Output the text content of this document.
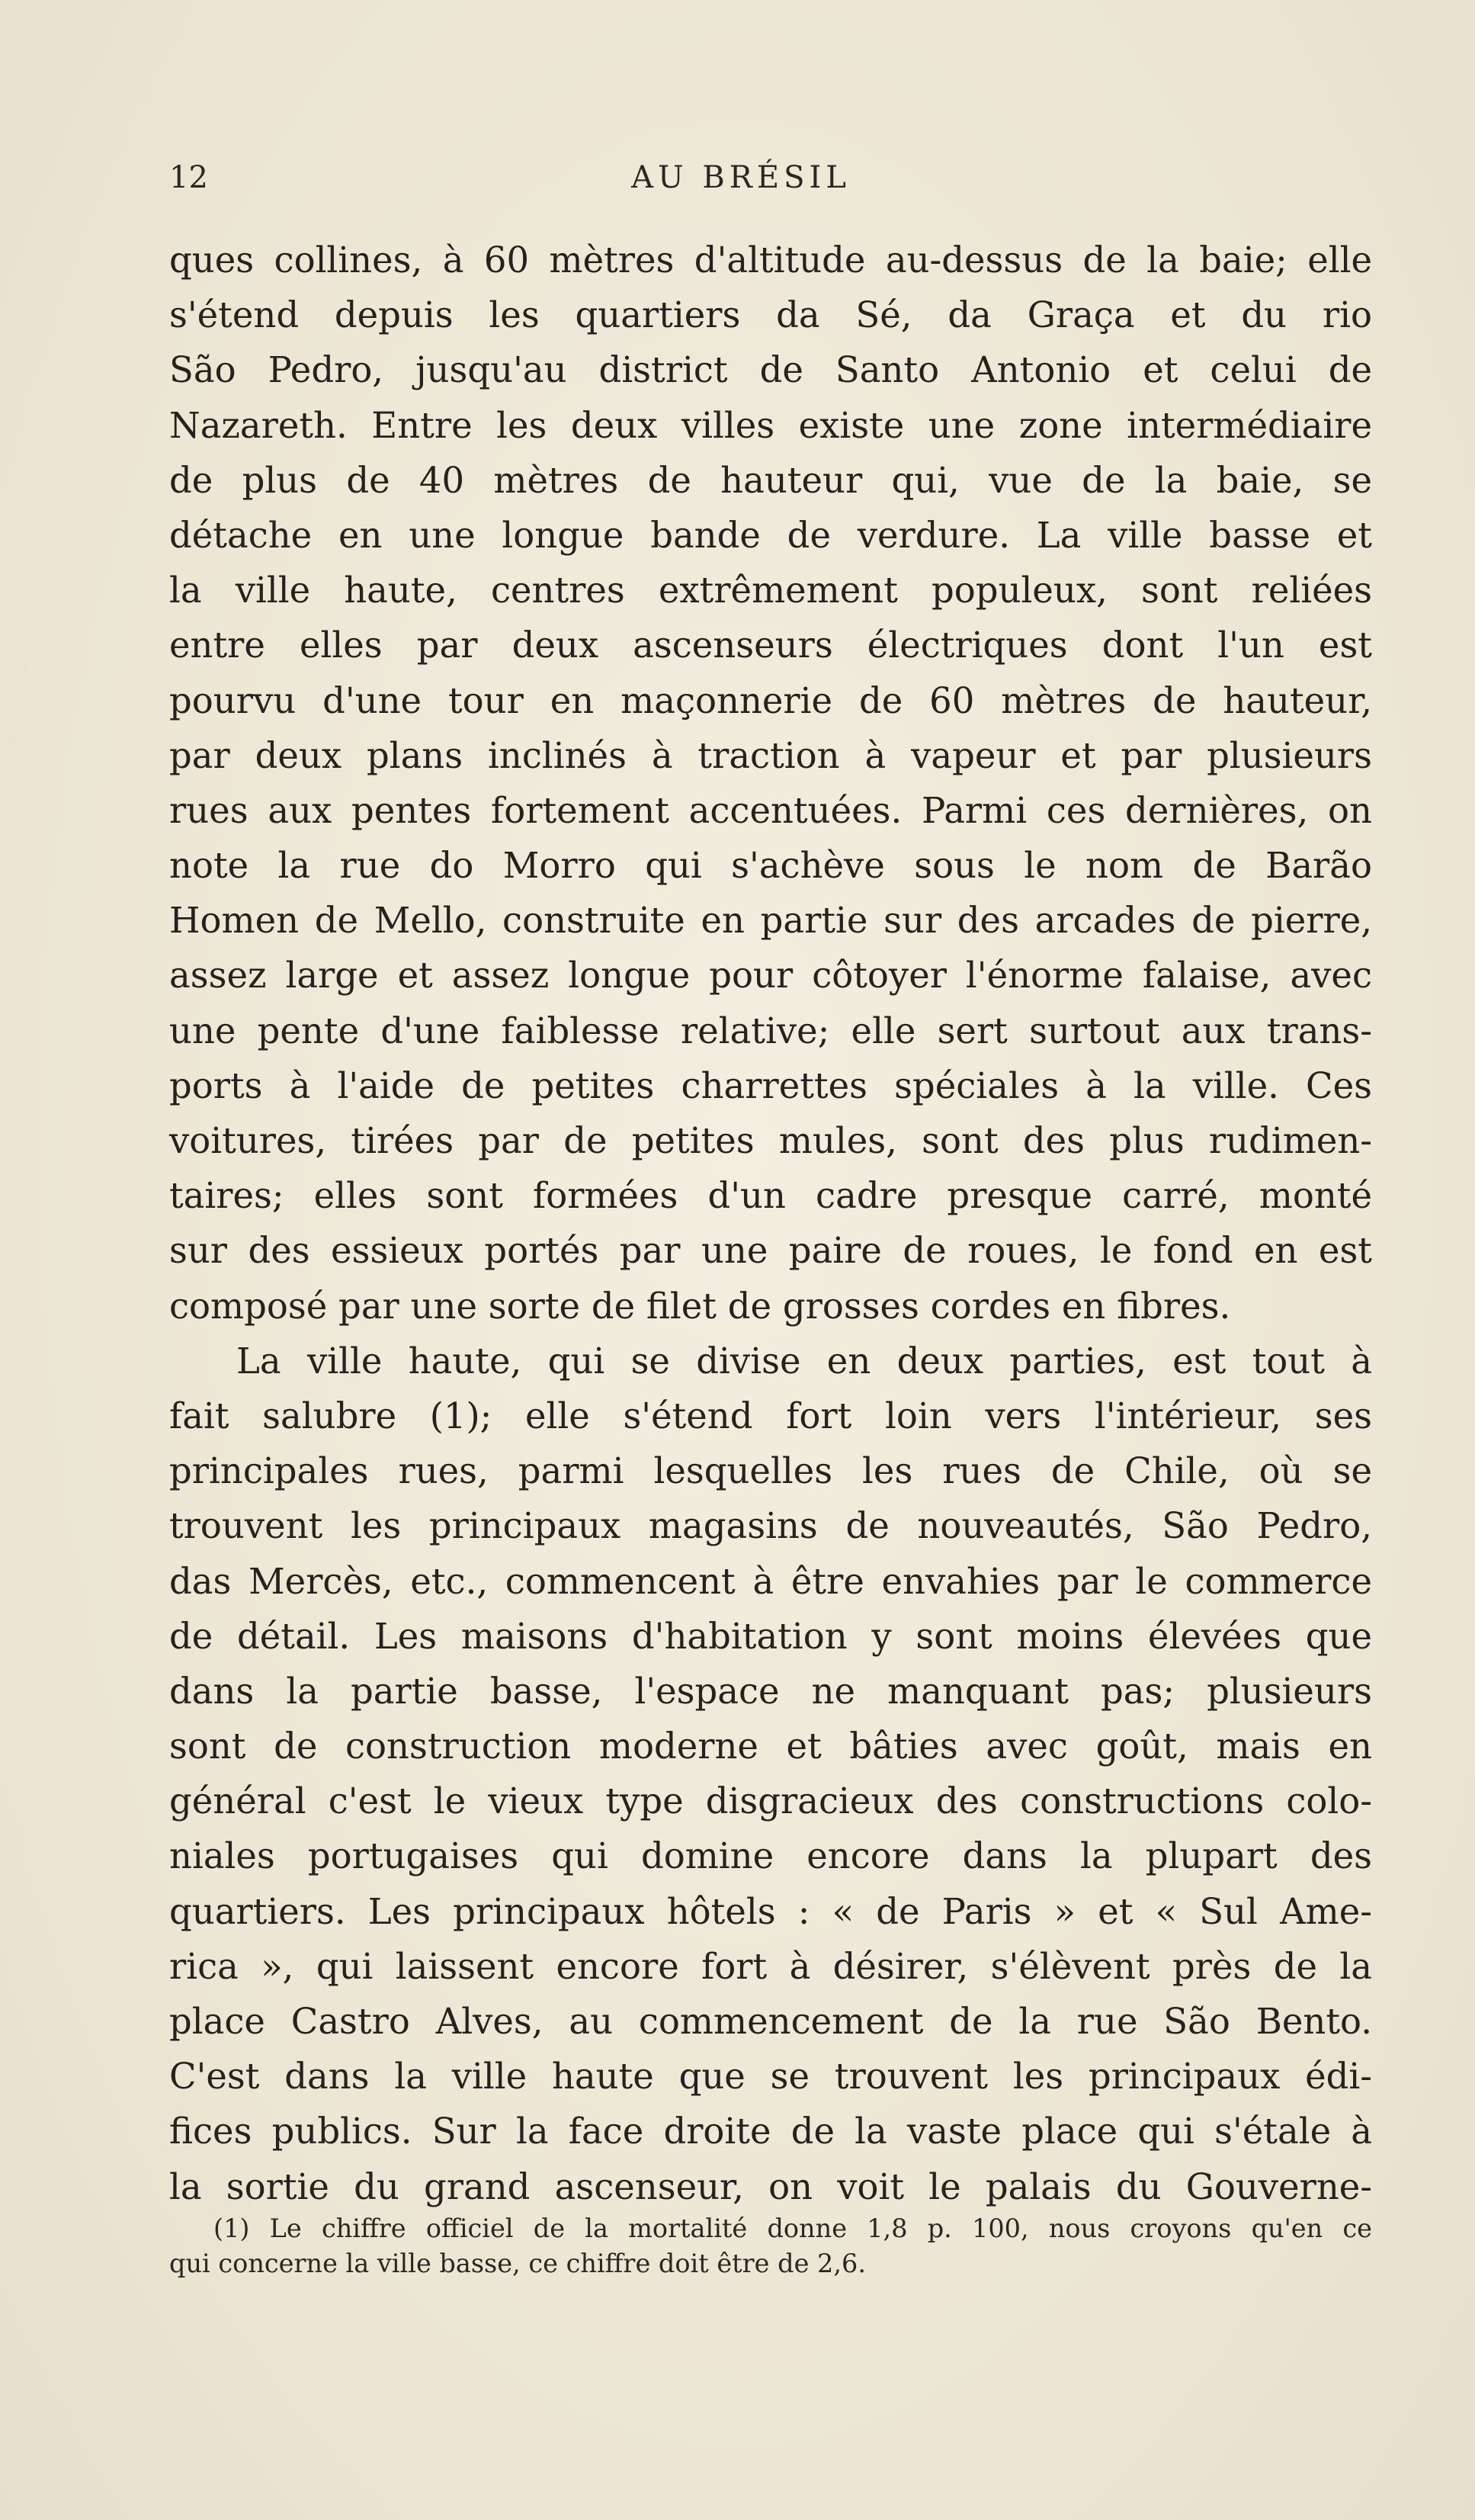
12	AU BRÉSIL
ques collines, à 60 mètres d'altitude au-dessus de la baie; elle
s'étend depuis les quartiers da Sé, da Graça et du rio
São Pedro, jusqu'au district de Santo Antonio et celui de
Nazareth. Entre les deux villes existe une zone intermédiaire
de plus de 40 mètres de hauteur qui, vue de la baie, se
détache en une longue bande de verdure. La ville basse et
la ville haute, centres extrêmement populeux, sont reliées
entre elles par deux ascenseurs électriques dont l'un est
pourvu d'une tour en maçonnerie de 60 mètres de hauteur,
par deux plans inclinés à traction à vapeur et par plusieurs
rues aux pentes fortement accentuées. Parmi ces dernières, on
note la rue do Morro qui s'achève sous le nom de Barão
Homen de Mello, construite en partie sur des arcades de pierre,
assez large et assez longue pour côtoyer l'énorme falaise, avec
une pente d'une faiblesse relative; elle sert surtout aux trans-
ports à l'aide de petites charrettes spéciales à la ville. Ces
voitures, tirées par de petites mules, sont des plus rudimen-
taires; elles sont formées d'un cadre presque carré, monté
sur des essieux portés par une paire de roues, le fond en est
composé par une sorte de filet de grosses cordes en fibres.
La ville haute, qui se divise en deux parties, est tout à
fait salubre (1); elle s'étend fort loin vers l'intérieur, ses
principales rues, parmi lesquelles les rues de Chile, où se
trouvent les principaux magasins de nouveautés, São Pedro,
das Mercès, etc., commencent à être envahies par le commerce
de détail. Les maisons d'habitation y sont moins élevées que
dans la partie basse, l'espace ne manquant pas; plusieurs
sont de construction moderne et bâties avec goût, mais en
général c'est le vieux type disgracieux des constructions colo-
niales portugaises qui domine encore dans la plupart des
quartiers. Les principaux hôtels : « de Paris » et « Sul Ame-
rica », qui laissent encore fort à désirer, s'élèvent près de la
place Castro Alves, au commencement de la rue São Bento.
C'est dans la ville haute que se trouvent les principaux édi-
fices publics. Sur la face droite de la vaste place qui s'étale à
la sortie du grand ascenseur, on voit le palais du Gouverne-
(1) Le chiffre officiel de la mortalité donne 1,8 p. 100, nous croyons qu'en ce
qui concerne la ville basse, ce chiffre doit être de 2,6.
